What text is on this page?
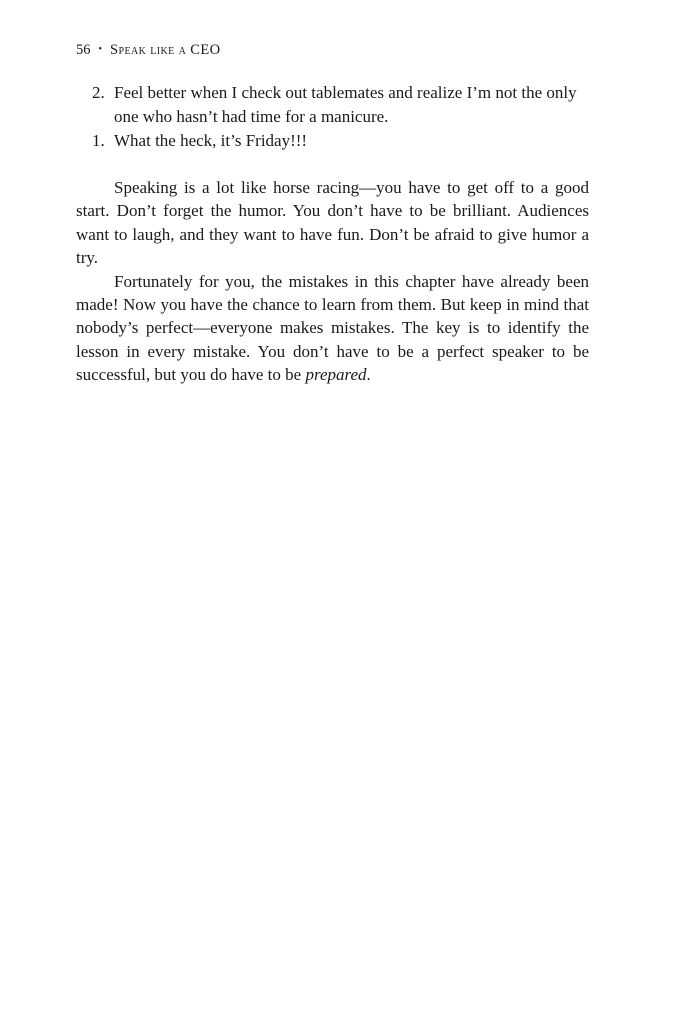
56 • Speak like a CEO
2. Feel better when I check out tablemates and realize I’m not the only one who hasn’t had time for a manicure.
1. What the heck, it’s Friday!!!

Speaking is a lot like horse racing—you have to get off to a good start. Don’t forget the humor. You don’t have to be brilliant. Audiences want to laugh, and they want to have fun. Don’t be afraid to give humor a try.

Fortunately for you, the mistakes in this chapter have already been made! Now you have the chance to learn from them. But keep in mind that nobody’s perfect—everyone makes mistakes. The key is to identify the lesson in every mistake. You don’t have to be a perfect speaker to be successful, but you do have to be prepared.
